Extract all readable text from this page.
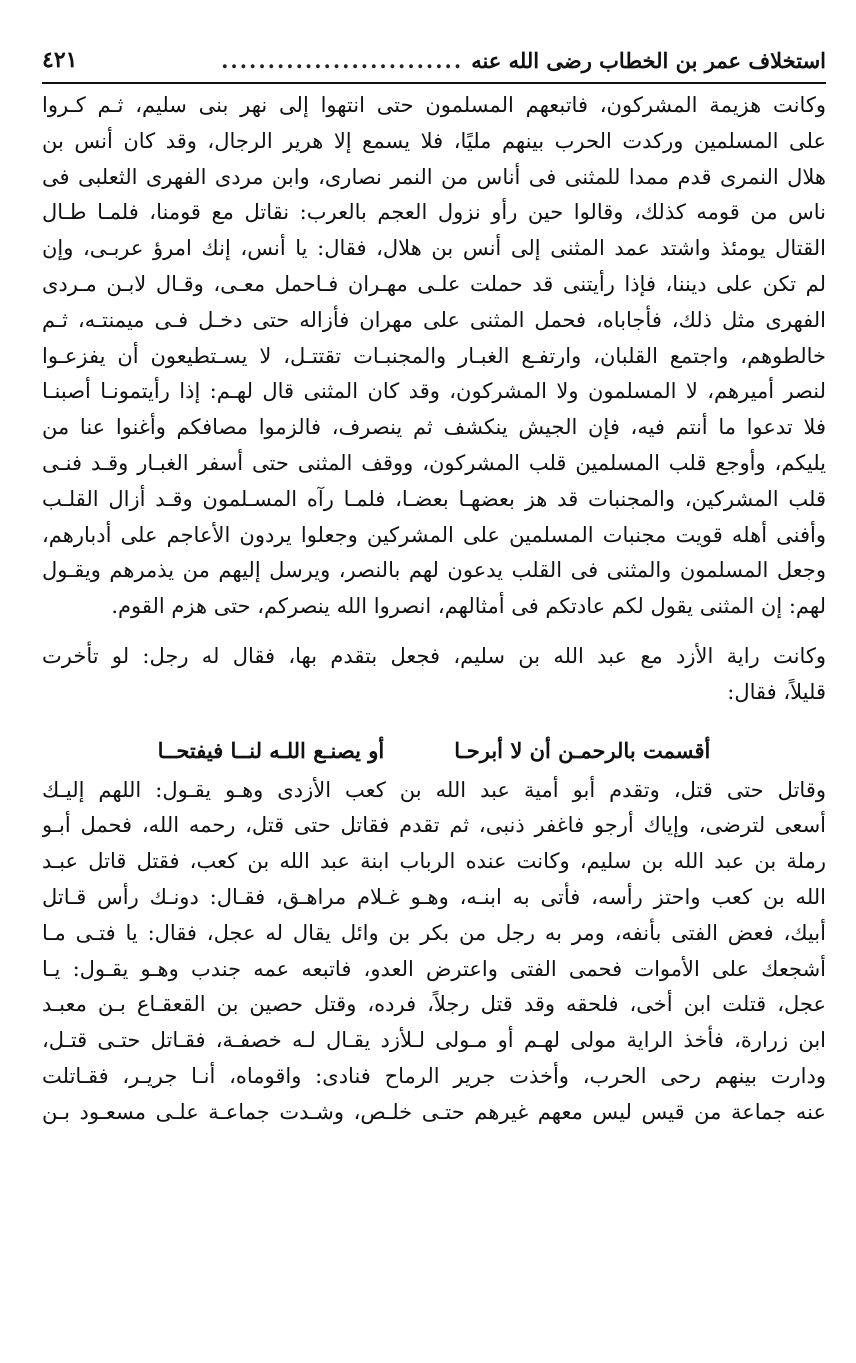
استخلاف عمر بن الخطاب رضى الله عنه
..........................
٤٢١

وكانت هزيمة المشركون، فاتبعهم المسلمون حتى انتهوا إلى نهر بنى سليم، ثـم كـروا
على المسلمين وركدت الحرب بينهم مليًا، فلا يسمع إلا هرير الرجال، وقد كان أنس بن
هلال النمرى قدم ممدا للمثنى فى أناس من النمر نصارى، وابن مردى الفهرى الثعلبى فى
ناس من قومه كذلك، وقالوا حين رأو نزول العجم بالعرب: نقاتل مع قومنا، فلمـا طـال
القتال يومئذ واشتد عمد المثنى إلى أنس بن هلال، فقال: يا أنس، إنك امرؤ عربـى، وإن
لم تكن على ديننا، فإذا رأيتنى قد حملت علـى مهـران فـاحمل معـى، وقـال لابـن مـردى
الفهرى مثل ذلك، فأجاباه، فحمل المثنى على مهران فأزاله حتى دخـل فـى ميمنتـه، ثـم
خالطوهم، واجتمع القلبان، وارتفـع الغبـار والمجنبـات تقتتـل، لا يسـتطيعون أن يفزعـوا
لنصر أميرهم، لا المسلمون ولا المشركون، وقد كان المثنى قال لهـم: إذا رأيتمونـا أصبنـا
فلا تدعوا ما أنتم فيه، فإن الجيش ينكشف ثم ينصرف، فالزموا مصافكم وأغنوا عنا من
يليكم، وأوجع قلب المسلمين قلب المشركون، ووقف المثنى حتى أسفر الغبـار وقـد فنـى
قلب المشركين، والمجنبات قد هز بعضهـا بعضـا، فلمـا رآه المسـلمون وقـد أزال القلـب
وأفنى أهله قويت مجنبات المسلمين على المشركين وجعلوا يردون الأعاجم على أدبارهم،
وجعل المسلمون والمثنى فى القلب يدعون لهم بالنصر، ويرسل إليهم من يذمرهم ويقـول
لهم: إن المثنى يقول لكم عادتكم فى أمثالهم، انصروا الله ينصركم، حتى هزم القوم.

وكانت راية الأزد مع عبد الله بن سليم، فجعل بتقدم بها، فقال له رجل: لو تأخرت
قليلاً، فقال:

أقسمت بالرحمـن أن لا أبرحـا
أو يصنـع اللـه لنــا فيفتحــا

وقاتل حتى قتل، وتقدم أبو أمية عبد الله بن كعب الأزدى وهـو يقـول: اللهم إليـك
أسعى لترضى، وإياك أرجو فاغفر ذنبى، ثم تقدم فقاتل حتى قتل، رحمه الله، فحمل أبـو
رملة بن عبد الله بن سليم، وكانت عنده الرباب ابنة عبد الله بن كعب، فقتل قاتل عبـد
الله بن كعب واحتز رأسه، فأتى به ابنـه، وهـو غـلام مراهـق، فقـال: دونـك رأس قـاتل
أبيك، فعض الفتى بأنفه، ومر به رجل من بكر بن وائل يقال له عجل، فقال: يا فتـى مـا
أشجعك على الأموات فحمى الفتى واعترض العدو، فاتبعه عمه جندب وهـو يقـول: يـا
عجل، قتلت ابن أخى، فلحقه وقد قتل رجلاً، فرده، وقتل حصين بن القعقـاع بـن معبـد
ابن زرارة، فأخذ الراية مولى لهـم أو مـولى لـلأزد يقـال لـه خصفـة، فقـاتل حتـى قتـل،
ودارت بينهم رحى الحرب، وأخذت جرير الرماح فنادى: واقوماه، أنـا جريـر، فقـاتلت
عنه جماعة من قيس ليس معهم غيرهم حتـى خلـص، وشـدت جماعـة علـى مسعـود بـن
